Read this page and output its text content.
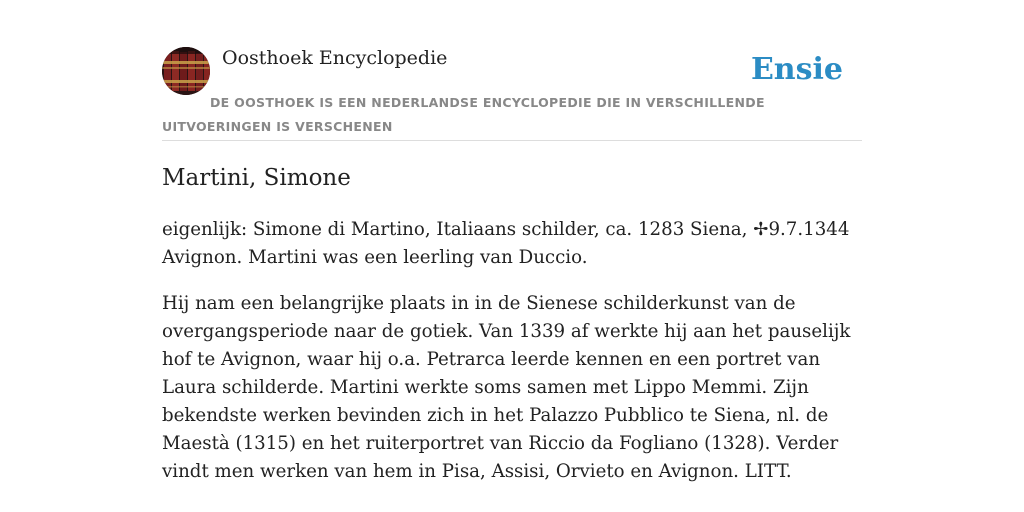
Oosthoek Encyclopedie	Ensie
DE OOSTHOEK IS EEN NEDERLANDSE ENCYCLOPEDIE DIE IN VERSCHILLENDE UITVOERINGEN IS VERSCHENEN
Martini, Simone

eigenlijk: Simone di Martino, Italiaans schilder, ca. 1283 Siena, ✢9.7.1344 Avignon. Martini was een leerling van Duccio.

Hij nam een belangrijke plaats in in de Sienese schilderkunst van de overgangsperiode naar de gotiek. Van 1339 af werkte hij aan het pauselijk hof te Avignon, waar hij o.a. Petrarca leerde kennen en een portret van Laura schilderde. Martini werkte soms samen met Lippo Memmi. Zijn bekendste werken bevinden zich in het Palazzo Pubblico te Siena, nl. de Maestà (1315) en het ruiterportret van Riccio da Fogliano (1328). Verder vindt men werken van hem in Pisa, Assisi, Orvieto en Avignon. LITT.
